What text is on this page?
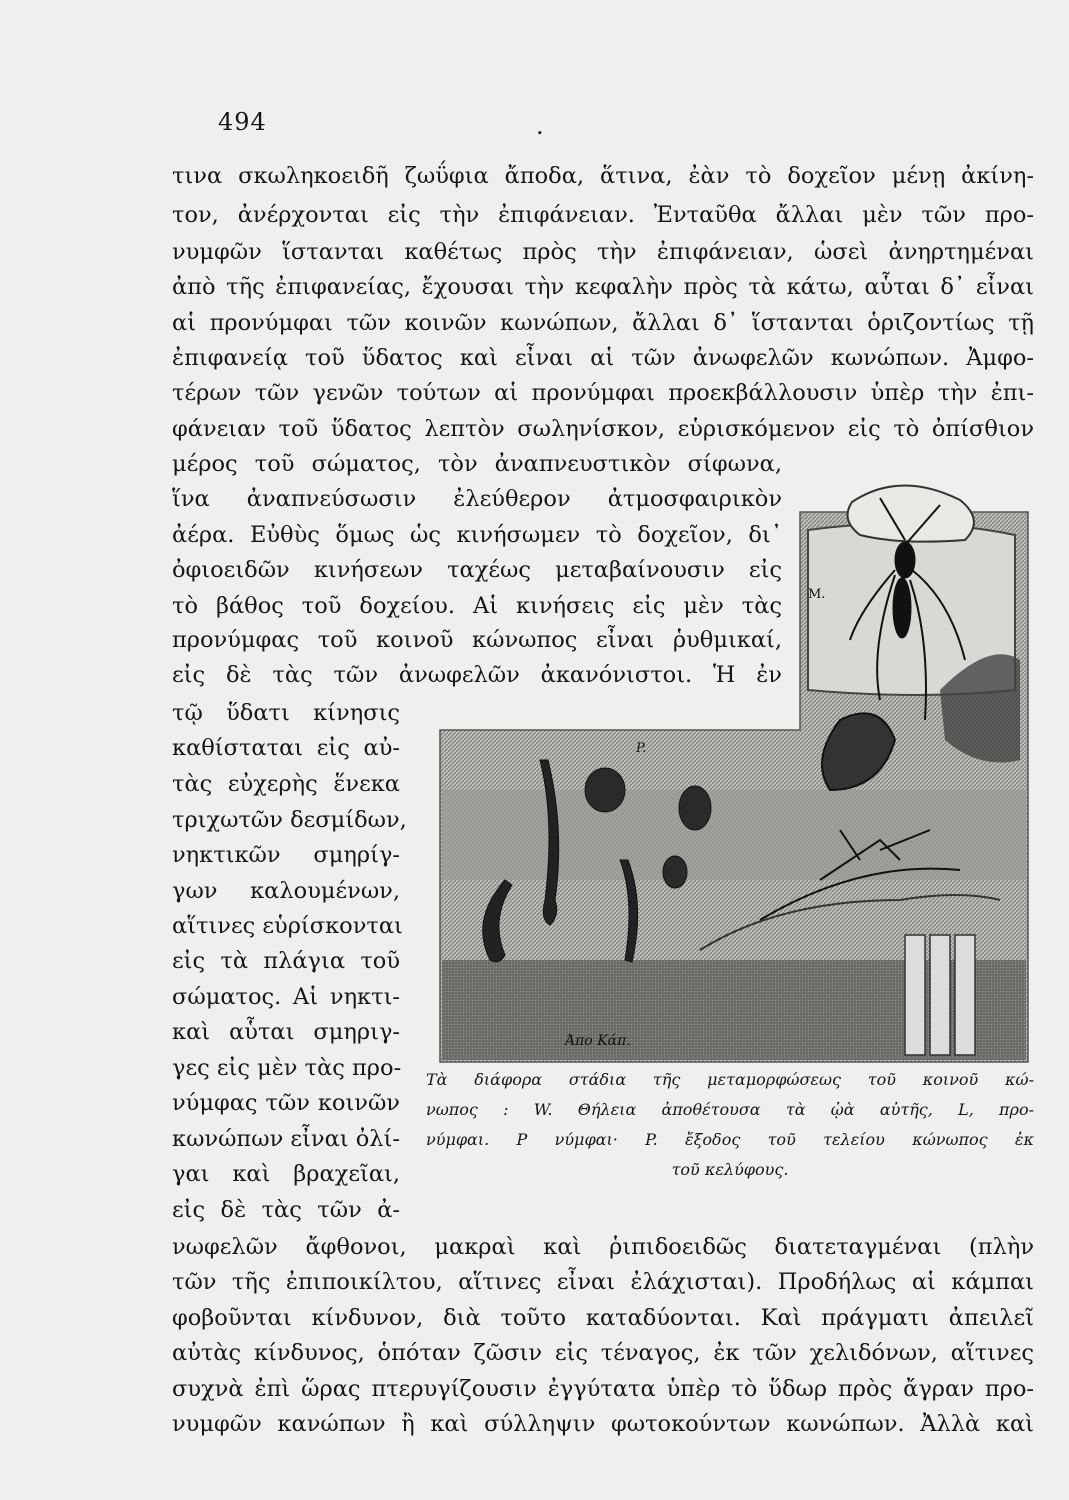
494	.
M.
P.
Άπο Κάπ.
τινα σκωληκοειδῆ ζωΰφια ἄποδα, ἅτινα, ἐὰν τὸ δοχεῖον μένῃ ἀκίνη-
τον, ἀνέρχονται εἰς τὴν ἐπιφάνειαν. Ἐνταῦθα ἄλλαι μὲν τῶν προ-
νυμφῶν ἵστανται καθέτως πρὸς τὴν ἐπιφάνειαν, ὡσεὶ ἀνηρτημέναι
ἀπὸ τῆς ἐπιφανείας, ἔχουσαι τὴν κεφαλὴν πρὸς τὰ κάτω, αὗται δ᾽ εἶναι
αἱ προνύμφαι τῶν κοινῶν κωνώπων, ἄλλαι δ᾽ ἵστανται ὁριζοντίως τῇ
ἐπιφανείᾳ τοῦ ὕδατος καὶ εἶναι αἱ τῶν ἀνωφελῶν κωνώπων. Ἀμφο-
τέρων τῶν γενῶν τούτων αἱ προνύμφαι προεκβάλλουσιν ὑπὲρ τὴν ἐπι-
φάνειαν τοῦ ὕδατος λεπτὸν σωληνίσκον, εὑρισκόμενον εἰς τὸ ὀπίσθιον
μέρος τοῦ σώματος, τὸν ἀναπνευστικὸν σίφωνα,
ἵνα ἀναπνεύσωσιν ἐλεύθερον ἀτμοσφαιρικὸν
ἀέρα. Εὐθὺς ὅμως ὡς κινήσωμεν τὸ δοχεῖον, δι᾽
ὀφιοειδῶν κινήσεων ταχέως μεταβαίνουσιν εἰς
τὸ βάθος τοῦ δοχείου. Αἱ κινήσεις εἰς μὲν τὰς
προνύμφας τοῦ κοινοῦ κώνωπος εἶναι ῥυθμικαί,
εἰς δὲ τὰς τῶν ἀνωφελῶν ἀκανόνιστοι. Ἡ ἐν
τῷ ὕδατι κίνησις
καθίσταται εἰς αὐ-
τὰς εὐχερὴς ἕνεκα
τριχωτῶν δεσμίδων,
νηκτικῶν σμηρίγ-
γων καλουμένων,
αἵτινες εὑρίσκονται
εἰς τὰ πλάγια τοῦ
σώματος. Αἱ νηκτι-
καὶ αὗται σμηριγ-
γες εἰς μὲν τὰς προ-
νύμφας τῶν κοινῶν
κωνώπων εἶναι ὀλί-
γαι καὶ βραχεῖαι,
εἰς δὲ τὰς τῶν ἀ-
νωφελῶν ἄφθονοι, μακραὶ καὶ ῥιπιδοειδῶς διατεταγμέναι (πλὴν
τῶν τῆς ἐπιποικίλτου, αἵτινες εἶναι ἐλάχισται). Προδήλως αἱ κάμπαι
φοβοῦνται κίνδυνον, διὰ τοῦτο καταδύονται. Καὶ πράγματι ἀπειλεῖ
αὐτὰς κίνδυνος, ὁπόταν ζῶσιν εἰς τέναγος, ἐκ τῶν χελιδόνων, αἵτινες
συχνὰ ἐπὶ ὥρας πτερυγίζουσιν ἐγγύτατα ὑπὲρ τὸ ὕδωρ πρὸς ἄγραν προ-
νυμφῶν κανώπων ἢ καὶ σύλληψιν φωτοκούντων κωνώπων. Ἀλλὰ καὶ
Τὰ διάφορα στάδια τῆς μεταμορφώσεως τοῦ κοινοῦ κώ-
νωπος : W. Θήλεια ἀποθέτουσα τὰ ᾠὰ αὐτῆς, L, προ-
νύμφαι. P νύμφαι· P. ἔξοδος τοῦ τελείου κώνωπος ἐκ
τοῦ κελύφους.
